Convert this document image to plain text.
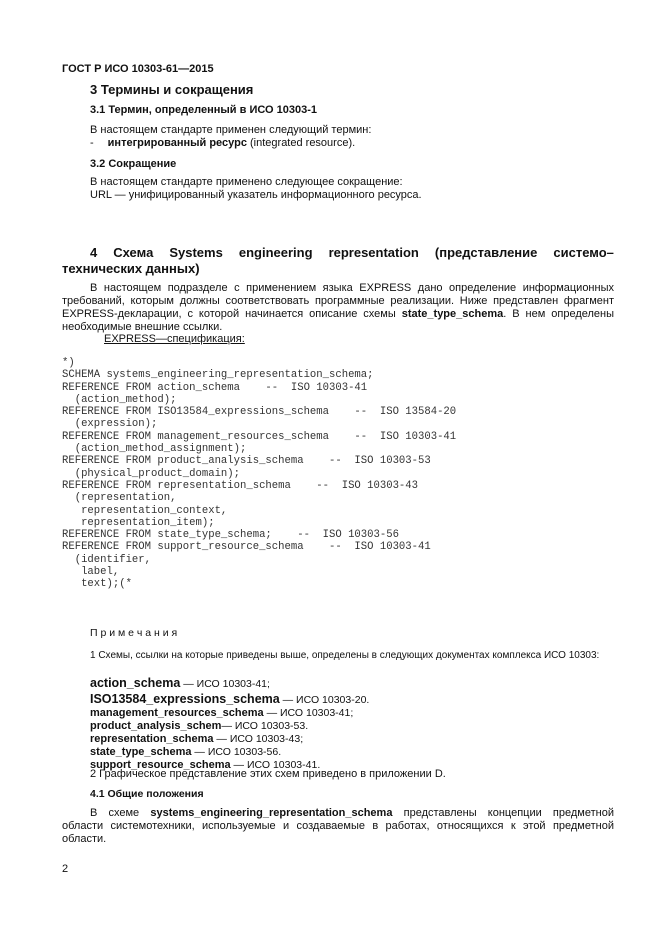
ГОСТ Р ИСО 10303-61—2015
3 Термины и сокращения
3.1 Термин, определенный в ИСО 10303-1
В настоящем стандарте применен следующий термин:
- интегрированный ресурс (integrated resource).
3.2 Сокращение
В настоящем стандарте применено следующее сокращение:
URL — унифицированный указатель информационного ресурса.
4 Схема Systems engineering representation (представление системо–
технических данных)
В настоящем подразделе с применением языка EXPRESS дано определение информационных требований, которым должны соответствовать программные реализации. Ниже представлен фрагмент EXPRESS-декларации, с которой начинается описание схемы state_type_schema. В нем определены необходимые внешние ссылки.
EXPRESS—спецификация:
*)
SCHEMA systems_engineering_representation_schema;
REFERENCE FROM action_schema    --  ISO 10303-41
(action_method);
REFERENCE FROM ISO13584_expressions_schema    --  ISO 13584-20
(expression);
REFERENCE FROM management_resources_schema    --  ISO 10303-41
(action_method_assignment);
REFERENCE FROM product_analysis_schema    --  ISO 10303-53
(physical_product_domain);
REFERENCE FROM representation_schema    --  ISO 10303-43
(representation,
representation_context,
representation_item);
REFERENCE FROM state_type_schema;    --  ISO 10303-56
REFERENCE FROM support_resource_schema    --  ISO 10303-41
(identifier,
label,
text);(*
П р и м е ч а н и я
1 Схемы, ссылки на которые приведены выше, определены в следующих документах комплекса ИСО 10303:
action_schema — ИСО 10303-41;
ISO13584_expressions_schema — ИСО 10303-20.
management_resources_schema — ИСО 10303-41;
product_analysis_schem— ИСО 10303-53.
representation_schema — ИСО 10303-43;
state_type_schema — ИСО 10303-56.
support_resource_schema — ИСО 10303-41.
2 Графическое представление этих схем приведено в приложении D.
4.1 Общие положения
В схеме systems_engineering_representation_schema представлены концепции предметной области системотехники, используемые и создаваемые в работах, относящихся к этой предметной области.
2
